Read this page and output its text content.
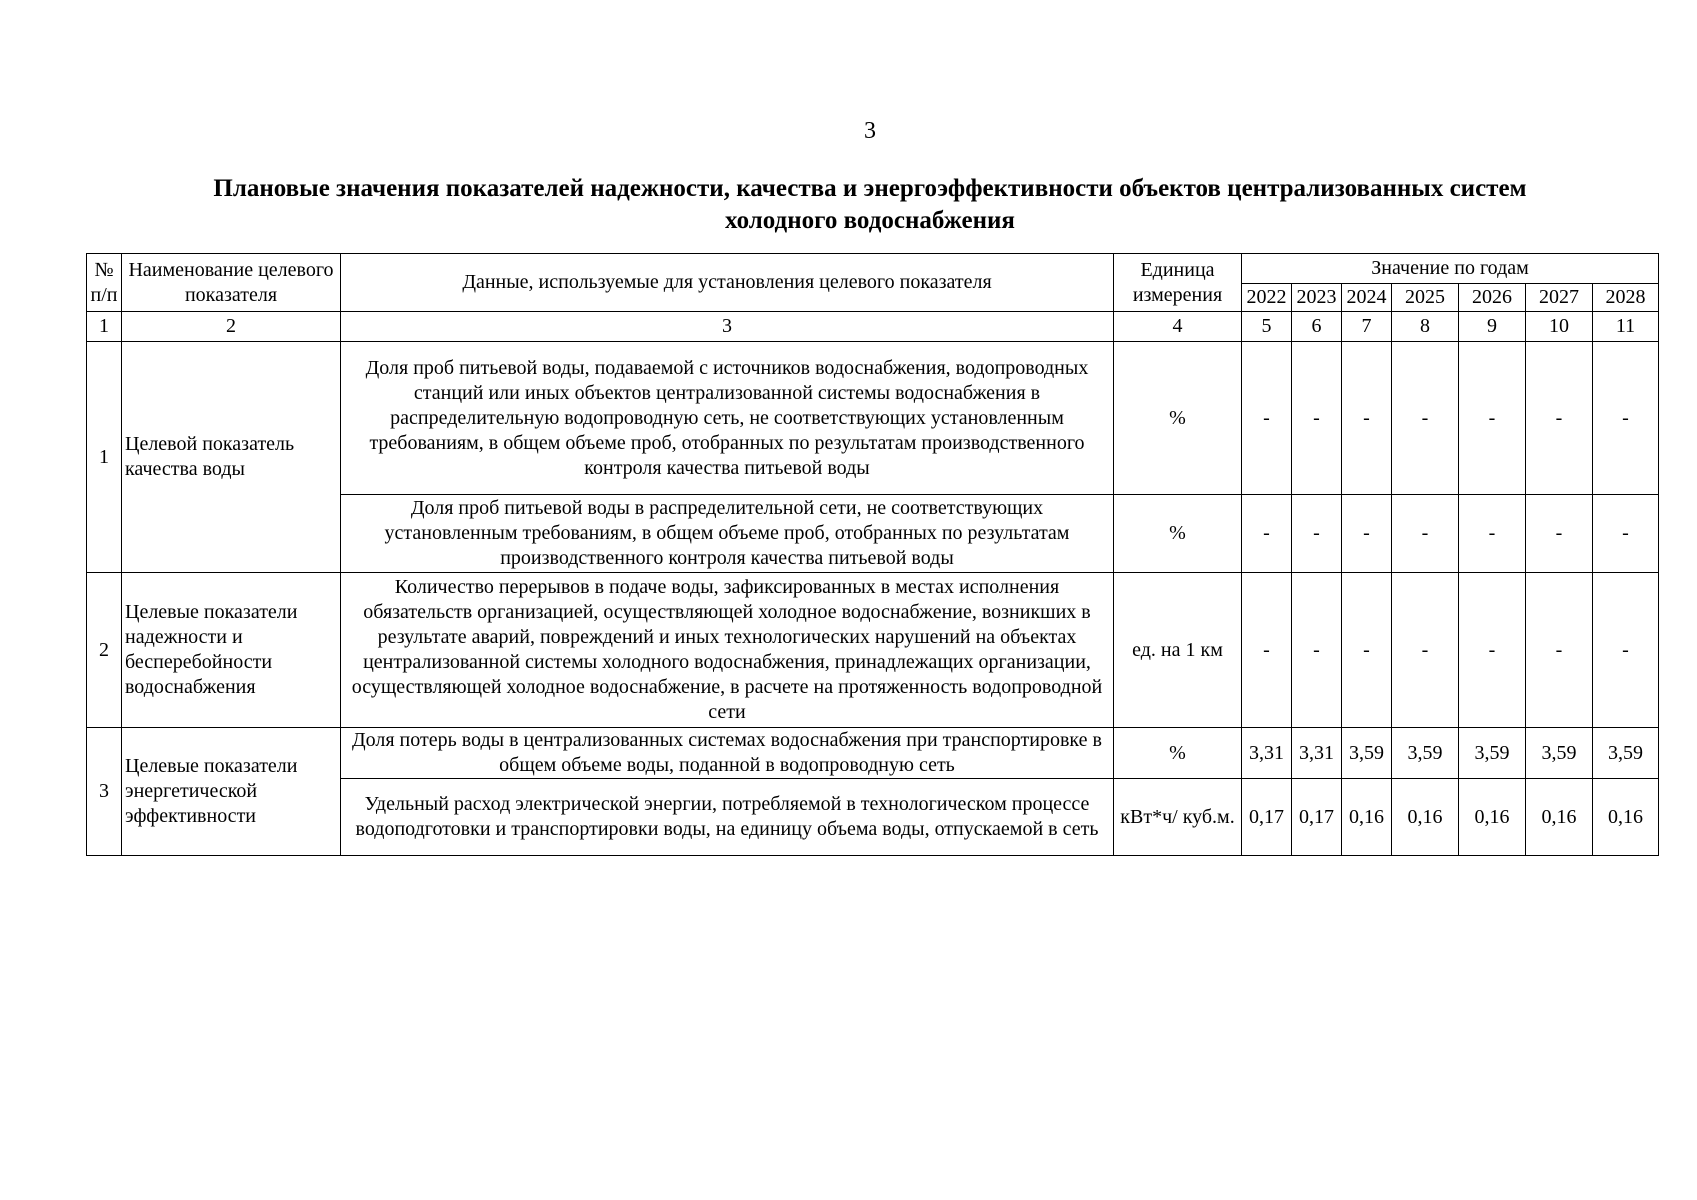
3
Плановые значения показателей надежности, качества и энергоэффективности объектов централизованных систем
холодного водоснабжения
№ п/п	Наименование целевого показателя	Данные, используемые для установления целевого показателя	Единица измерения	Значение по годам						
				2022	2023	2024	2025	2026	2027	2028
1	2	3	4	5	6	7	8	9	10	11
1	Целевой показатель качества воды	Доля проб питьевой воды, подаваемой с источников водоснабжения, водопроводных станций или иных объектов централизованной системы водоснабжения в распределительную водопроводную сеть, не соответствующих установленным требованиям, в общем объеме проб, отобранных по результатам производственного контроля качества питьевой воды	%	-	-	-	-	-	-	-
		Доля проб питьевой воды в распределительной сети, не соответствующих установленным требованиям, в общем объеме проб, отобранных по результатам производственного контроля качества питьевой воды	%	-	-	-	-	-	-	-
2	Целевые показатели надежности и бесперебойности водоснабжения	Количество перерывов в подаче воды, зафиксированных в местах исполнения обязательств организацией, осуществляющей холодное водоснабжение, возникших в результате аварий, повреждений и иных технологических нарушений на объектах централизованной системы холодного водоснабжения, принадлежащих организации, осуществляющей холодное водоснабжение, в расчете на протяженность водопроводной сети	ед. на 1 км	-	-	-	-	-	-	-
3	Целевые показатели энергетической эффективности	Доля потерь воды в централизованных системах водоснабжения при транспортировке в общем объеме воды, поданной в водопроводную сеть	%	3,31	3,31	3,59	3,59	3,59	3,59	3,59
		Удельный расход электрической энергии, потребляемой в технологическом процессе водоподготовки и транспортировки воды, на единицу объема воды, отпускаемой в сеть	кВт*ч/ куб.м.	0,17	0,17	0,16	0,16	0,16	0,16	0,16
